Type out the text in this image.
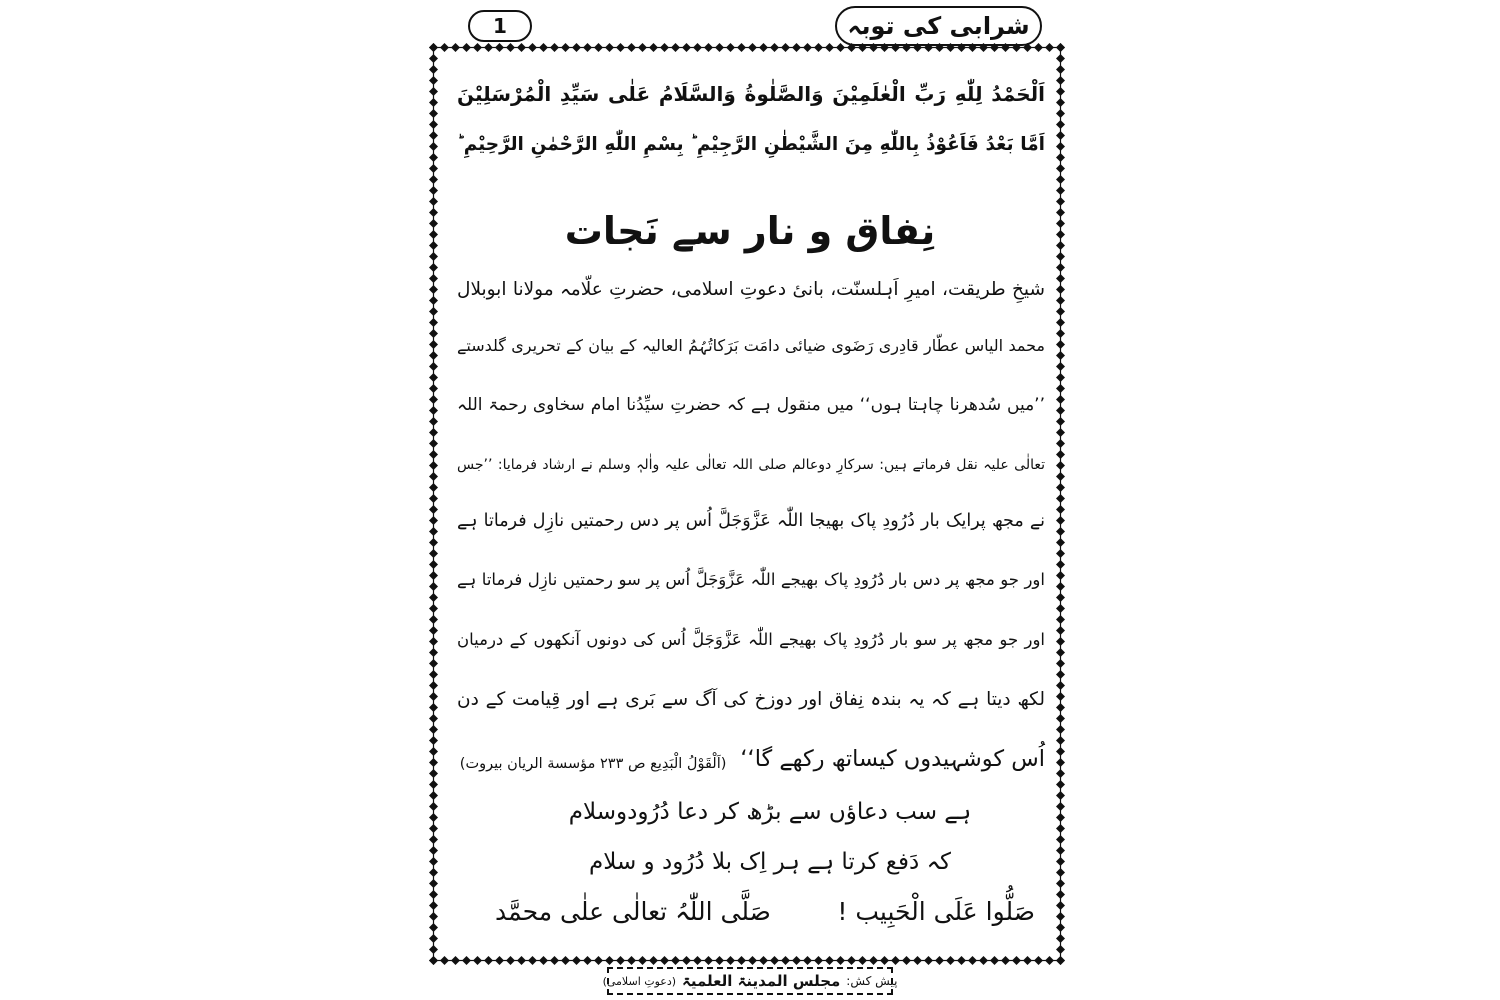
1	شرابی کی توبہ
اَلْحَمْدُ لِلّٰهِ رَبِّ الْعٰلَمِيْنَ وَالصَّلٰوةُ وَالسَّلَامُ عَلٰى سَيِّدِ الْمُرْسَلِيْنَ
اَمَّا بَعْدُ فَاَعُوْذُ بِاللّٰهِ مِنَ الشَّيْطٰنِ الرَّجِيْمِ ؕ بِسْمِ اللّٰهِ الرَّحْمٰنِ الرَّحِيْمِ ؕ
نِفاق و نار سے نَجات
شیخِ طریقت، امیرِ اَہلسنّت، بانیٔ دعوتِ اسلامی، حضرتِ علّامہ مولانا ابوبلال
محمد الیاس عطّار قادِری رَضَوی ضیائی دامَت بَرَکاتُہُمُ العالیہ کے بیان کے تحریری گلدستے
’’میں سُدھرنا چاہتا ہوں‘‘ میں منقول ہے کہ حضرتِ سیِّدُنا امام سخاوی رحمۃ اللہ
تعالٰی علیہ نقل فرماتے ہیں: سرکارِ دوعالم صلی اللہ تعالٰی علیہ واٰلہٖ وسلم نے ارشاد فرمایا: ’’جس
نے مجھ پرایک بار دُرُودِ پاک بھیجا اللّٰہ عَزَّوَجَلَّ اُس پر دس رحمتیں نازِل فرماتا ہے
اور جو مجھ پر دس بار دُرُودِ پاک بھیجے اللّٰہ عَزَّوَجَلَّ اُس پر سو رحمتیں نازِل فرماتا ہے
اور جو مجھ پر سو بار دُرُودِ پاک بھیجے اللّٰہ عَزَّوَجَلَّ اُس کی دونوں آنکھوں کے درمیان
لکھ دیتا ہے کہ یہ بندہ نِفاق اور دوزخ کی آگ سے بَری ہے اور قِیامت کے دن
اُس کوشہیدوں کیساتھ رکھے گا‘‘
(اَلْقَوْلُ الْبَدِیع ص ۲۳۳ مؤسسة الريان بيروت)
ہے سب دعاؤں سے بڑھ کر دعا دُرُودوسلام
کہ دَفع کرتا ہے ہر اِک بلا دُرُود و سلام
صَلُّوا عَلَی الْحَبِیب !
صَلَّی اللّٰہُ تعالٰی علٰی محمَّد
پیش کش:
مجلس المدینۃ العلمیۃ
(دعوتِ اسلامی)
